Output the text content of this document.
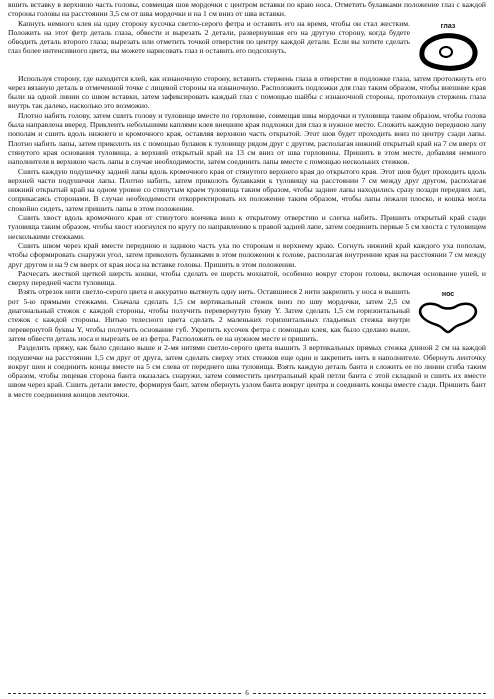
вшить вставку в верхнюю часть головы, совмещая шов мордочки с центром вставки по краю носа. Отметить булавками положение глаз с каждой стороны головы на расстоянии 3,5 см от шва мордочки и на 1 см вниз от шва вставки.

Капнуть немного клея на одну сторону кусочка светло-серого фетра и оставить его на время, чтобы он стал жестким. Положить на этот фетр деталь глаза, обвести и вырезать 2 детали, развернувшая его на другую сторону, когда будете обводить деталь второго глаза; вырезать или отметить точкой отверстия по центру каждой детали. Если вы хотите сделать глаз более интенсивного цвета, вы можете нарисовать глаз и оставить его подсохнуть.

глаз

Используя сторону, где находится клей, как изнаночную сторону, вставить стержень глаза в отверстие в подложке глаза, затем протолкнуть его через вязаную деталь в отмеченной точке с лицевой стороны на изнаночную. Расположить подложки для глаз таким образом, чтобы внешние края были на одной линии со швом вставки, затем зафиксировать каждый глаз с помощью шайбы с изнаночной стороны, протолкнув стержень глаза внутрь так далеко, насколько это возможно.

Плотно набить голову, затем сшить голову и туловище вместе по горловине, совмещая швы мордочки и туловища таким образом, чтобы голова была направлена вверед. Приклеить небольшими каплями клея внешние края подложки для глаз в нужное место. Сложить каждую переднюю лапу пополам и сшить вдоль нижнего и кромочного края, оставляя верхнюю часть открытой. Этот шов будет проходить вниз по центру сзади лапы. Плотно набить лапы, затем приколоть их с помощью булавок к туловищу рядом друг с другом, располагая нижний открытый край на 7 см вверх от стянутого края основания туловища, а верхний открытый край на 13 см вниз от шва горловины. Пришить в этом месте, добавляя немного наполнителя в верхнюю часть лапы в случае необходимости, затем соединить лапы вместе с помощью нескольких стежков.

Сшить каждую подушечку задней лапы вдоль кромочного края от стянутого верхнего края до открытого края. Этот шов будет проходить вдоль верхней части подушечки лапы. Плотно набить, затем приколоть булавками к туловищу на расстоянии 7 см между друг другом, располагая нижний открытый край на одном уровне со стянутым краем туловища таким образом, чтобы задние лапы находились сразу позади передних лап, соприкасаясь сторонами. В случае необходимости откорректировать их положение таким образом, чтобы лапы лежали плоско, и кошка могла спокойно сидеть, затем пришить лапы в этом положении.

Сшить хвост вдоль кромочного края от стянутого кончика вниз к открытому отверстию и слегка набить. Пришить открытый край сзади туловища таким образом, чтобы хвост изогнулся по кругу по направлению к правой задней лапе, затем соединить первые 5 см хвоста с туловищем несколькими стежками.

Сшить швом через край вместе переднюю и заднюю часть уха по сторонам и верхнему краю. Согнуть нижний край каждого уха пополам, чтобы сформировать снаружи угол, затем приколоть булавками в этом положении к голове, располагая внутренние края на расстоянии 7 см между друг другом и на 9 см вверх от края носа на вставке головы. Пришить в этом положении.

Расчесать жесткой щеткой шерсть кошки, чтобы сделать ее шерсть мохнатой, особенно вокруг сторон головы, включая основание ушей, и сверху передней части туловища.

Взять отрезок нити светло-серого цвета и аккуратно вытянуть одну нить. Оставшиеся 2 нити закрепить у носа и вышить рот 5-ю прямыми стежками. Сначала сделать 1,5 см вертикальный стежок вниз по шву мордочки, затем 2,5 см диагональный стежок с каждой стороны, чтобы получить перевернутую букву Y. Затем сделать 1,5 см горизонтальный стежок с каждой стороны. Нитью телесного цвета сделать 2 маленьких горизонтальных гладьевых стежка внутри перевернутой буквы Y, чтобы получить основание губ. Укрепить кусочек фетра с помощью клея, как было сделано выше, затем обвести деталь носа и вырезать ее из фетра. Расположить ее на нужном месте и пришить.

нос

Разделить пряжу, как было сделано выше и 2-мя нитями светло-серого цвета вышить 3 вертикальных прямых стежка длиной 2 см на каждой подушечке на расстоянии 1,5 см друг от друга, затем сделать сверху этих стежков еще один и закрепить нить в наполнителе. Обернуть ленточку вокруг шеи и соединить концы вместе на 5 см слева от переднего шва туловища. Взять каждую деталь банта и сложить ее по линии сгиба таким образом, чтобы лицевая сторона банта оказалась снаружи, затем совместить центральный край петли банта с этой складкой и сшить их вместе швом через край. Сшить детали вместе, формируя бант, затем обернуть узлом банта вокруг центра и соединить концы вместе сзади. Пришить бант в месте соединения концов ленточки.

6
